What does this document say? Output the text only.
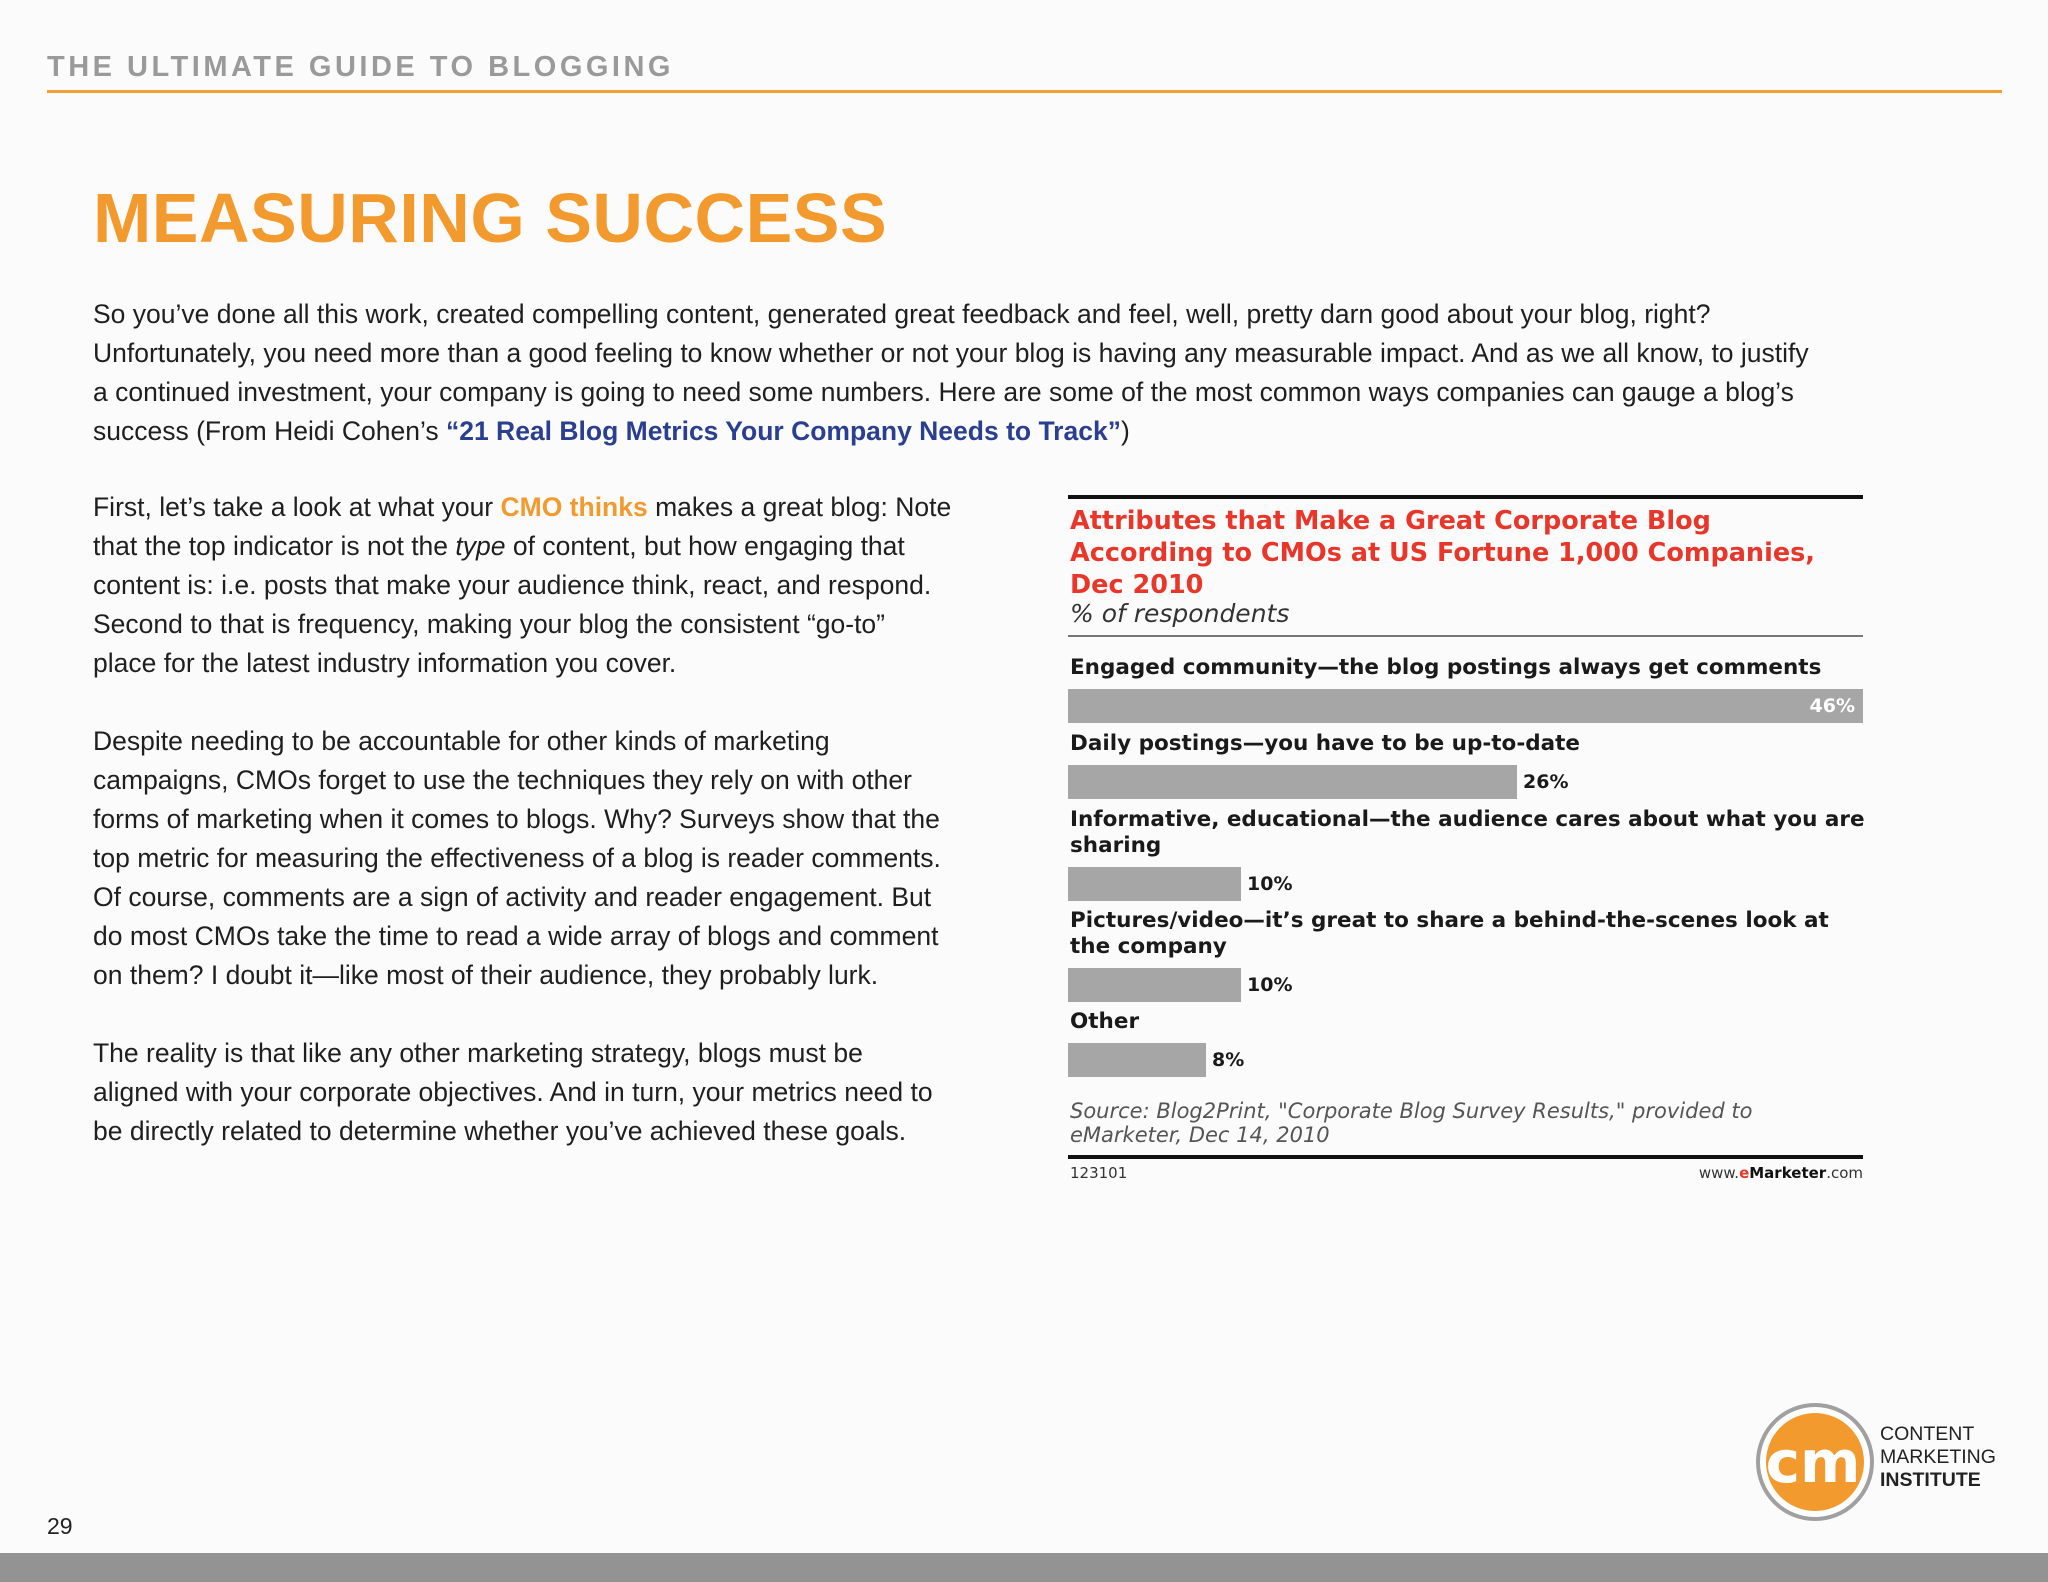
THE ULTIMATE GUIDE TO BLOGGING
MEASURING SUCCESS

So you’ve done all this work, created compelling content, generated great feedback and feel, well, pretty darn good about your blog, right?

Unfortunately, you need more than a good feeling to know whether or not your blog is having any measurable impact. And as we all know, to justify

a continued investment, your company is going to need some numbers. Here are some of the most common ways companies can gauge a blog’s

success (From Heidi Cohen’s “21 Real Blog Metrics Your Company Needs to Track”)

First, let’s take a look at what your CMO thinks makes a great blog: Note
that the top indicator is not the type of content, but how engaging that
content is: i.e. posts that make your audience think, react, and respond.
Second to that is frequency, making your blog the consistent “go-to”
place for the latest industry information you cover.

Despite needing to be accountable for other kinds of marketing
campaigns, CMOs forget to use the techniques they rely on with other
forms of marketing when it comes to blogs. Why? Surveys show that the
top metric for measuring the effectiveness of a blog is reader comments.
Of course, comments are a sign of activity and reader engagement. But
do most CMOs take the time to read a wide array of blogs and comment
on them? I doubt it—like most of their audience, they probably lurk.

The reality is that like any other marketing strategy, blogs must be
aligned with your corporate objectives. And in turn, your metrics need to
be directly related to determine whether you’ve achieved these goals.

Attributes that Make a Great Corporate Blog
According to CMOs at US Fortune 1,000 Companies,
Dec 2010
% of respondents
Source: Blog2Print, "Corporate Blog Survey Results," provided to
eMarketer, Dec 14, 2010
123101	www.eMarketer.com
Engaged community—the blog postings always get comments
46%
Daily postings—you have to be up-to-date
26%
Informative, educational—the audience cares about what you are
sharing
10%
Pictures/video—it’s great to share a behind-the-scenes look at
the company
10%
Other
8%
cm CONTENT
MARKETING
INSTITUTE
29
